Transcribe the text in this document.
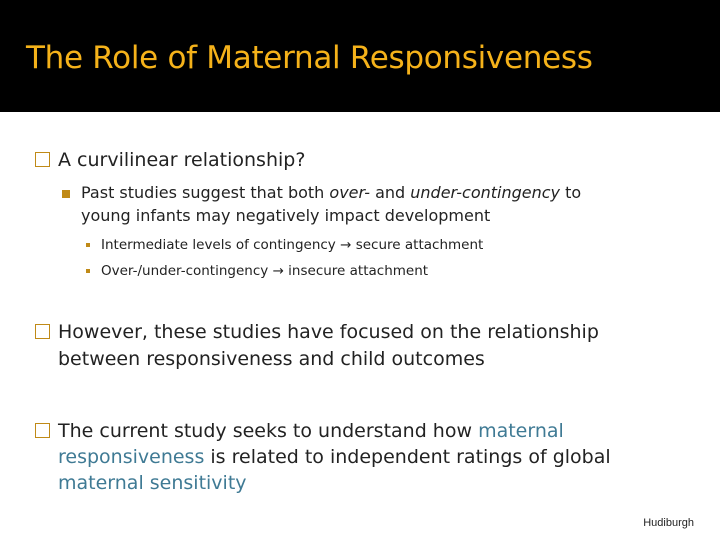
The Role of Maternal Responsiveness
A curvilinear relationship?
Past studies suggest that both over- and under-contingency to
young infants may negatively impact development
Intermediate levels of contingency → secure attachment
Over-/under-contingency → insecure attachment
However, these studies have focused on the relationship
between responsiveness and child outcomes
The current study seeks to understand how maternal
responsiveness is related to independent ratings of global
maternal sensitivity
Hudiburgh
